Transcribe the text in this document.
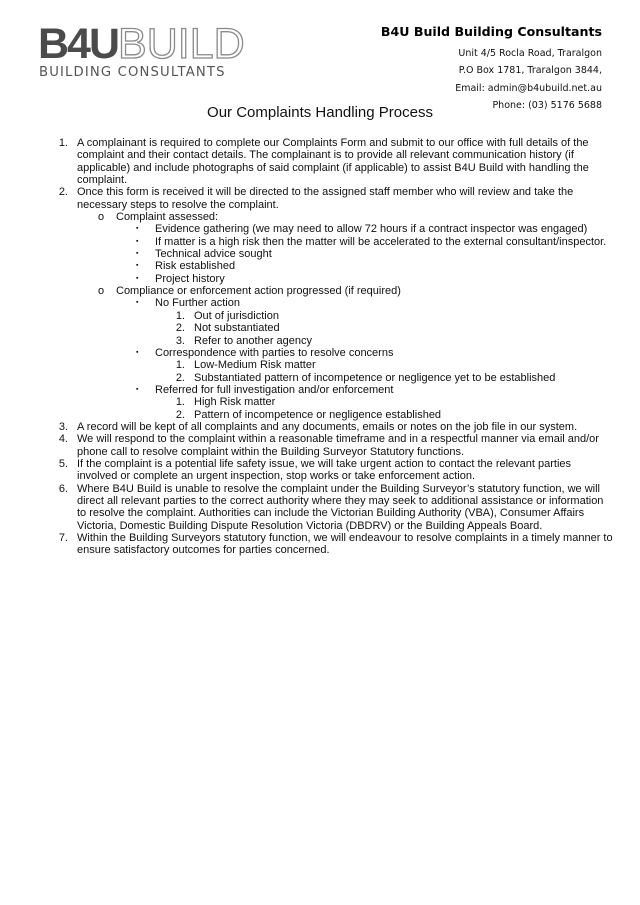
B4UBUILD
BUILDING CONSULTANTS
B4U Build Building Consultants
Unit 4/5 Rocla Road, Traralgon
P.O Box 1781, Traralgon 3844,
Email: admin@b4ubuild.net.au
Phone: (03) 5176 5688
Our Complaints Handling Process
1. A complainant is required to complete our Complaints Form and submit to our office with full details of the
complaint and their contact details. The complainant is to provide all relevant communication history (if
applicable) and include photographs of said complaint (if applicable) to assist B4U Build with handling the
complaint.
2. Once this form is received it will be directed to the assigned staff member who will review and take the
necessary steps to resolve the complaint.
o Complaint assessed:
▪ Evidence gathering (we may need to allow 72 hours if a contract inspector was engaged)
▪ If matter is a high risk then the matter will be accelerated to the external consultant/inspector.
▪ Technical advice sought
▪ Risk established
▪ Project history
o Compliance or enforcement action progressed (if required)
▪ No Further action
1. Out of jurisdiction
2. Not substantiated
3. Refer to another agency
▪ Correspondence with parties to resolve concerns
1. Low-Medium Risk matter
2. Substantiated pattern of incompetence or negligence yet to be established
▪ Referred for full investigation and/or enforcement
1. High Risk matter
2. Pattern of incompetence or negligence established
3. A record will be kept of all complaints and any documents, emails or notes on the job file in our system.
4. We will respond to the complaint within a reasonable timeframe and in a respectful manner via email and/or
phone call to resolve complaint within the Building Surveyor Statutory functions.
5. If the complaint is a potential life safety issue, we will take urgent action to contact the relevant parties
involved or complete an urgent inspection, stop works or take enforcement action.
6. Where B4U Build is unable to resolve the complaint under the Building Surveyor’s statutory function, we will
direct all relevant parties to the correct authority where they may seek to additional assistance or information
to resolve the complaint. Authorities can include the Victorian Building Authority (VBA), Consumer Affairs
Victoria, Domestic Building Dispute Resolution Victoria (DBDRV) or the Building Appeals Board.
7. Within the Building Surveyors statutory function, we will endeavour to resolve complaints in a timely manner to
ensure satisfactory outcomes for parties concerned.
